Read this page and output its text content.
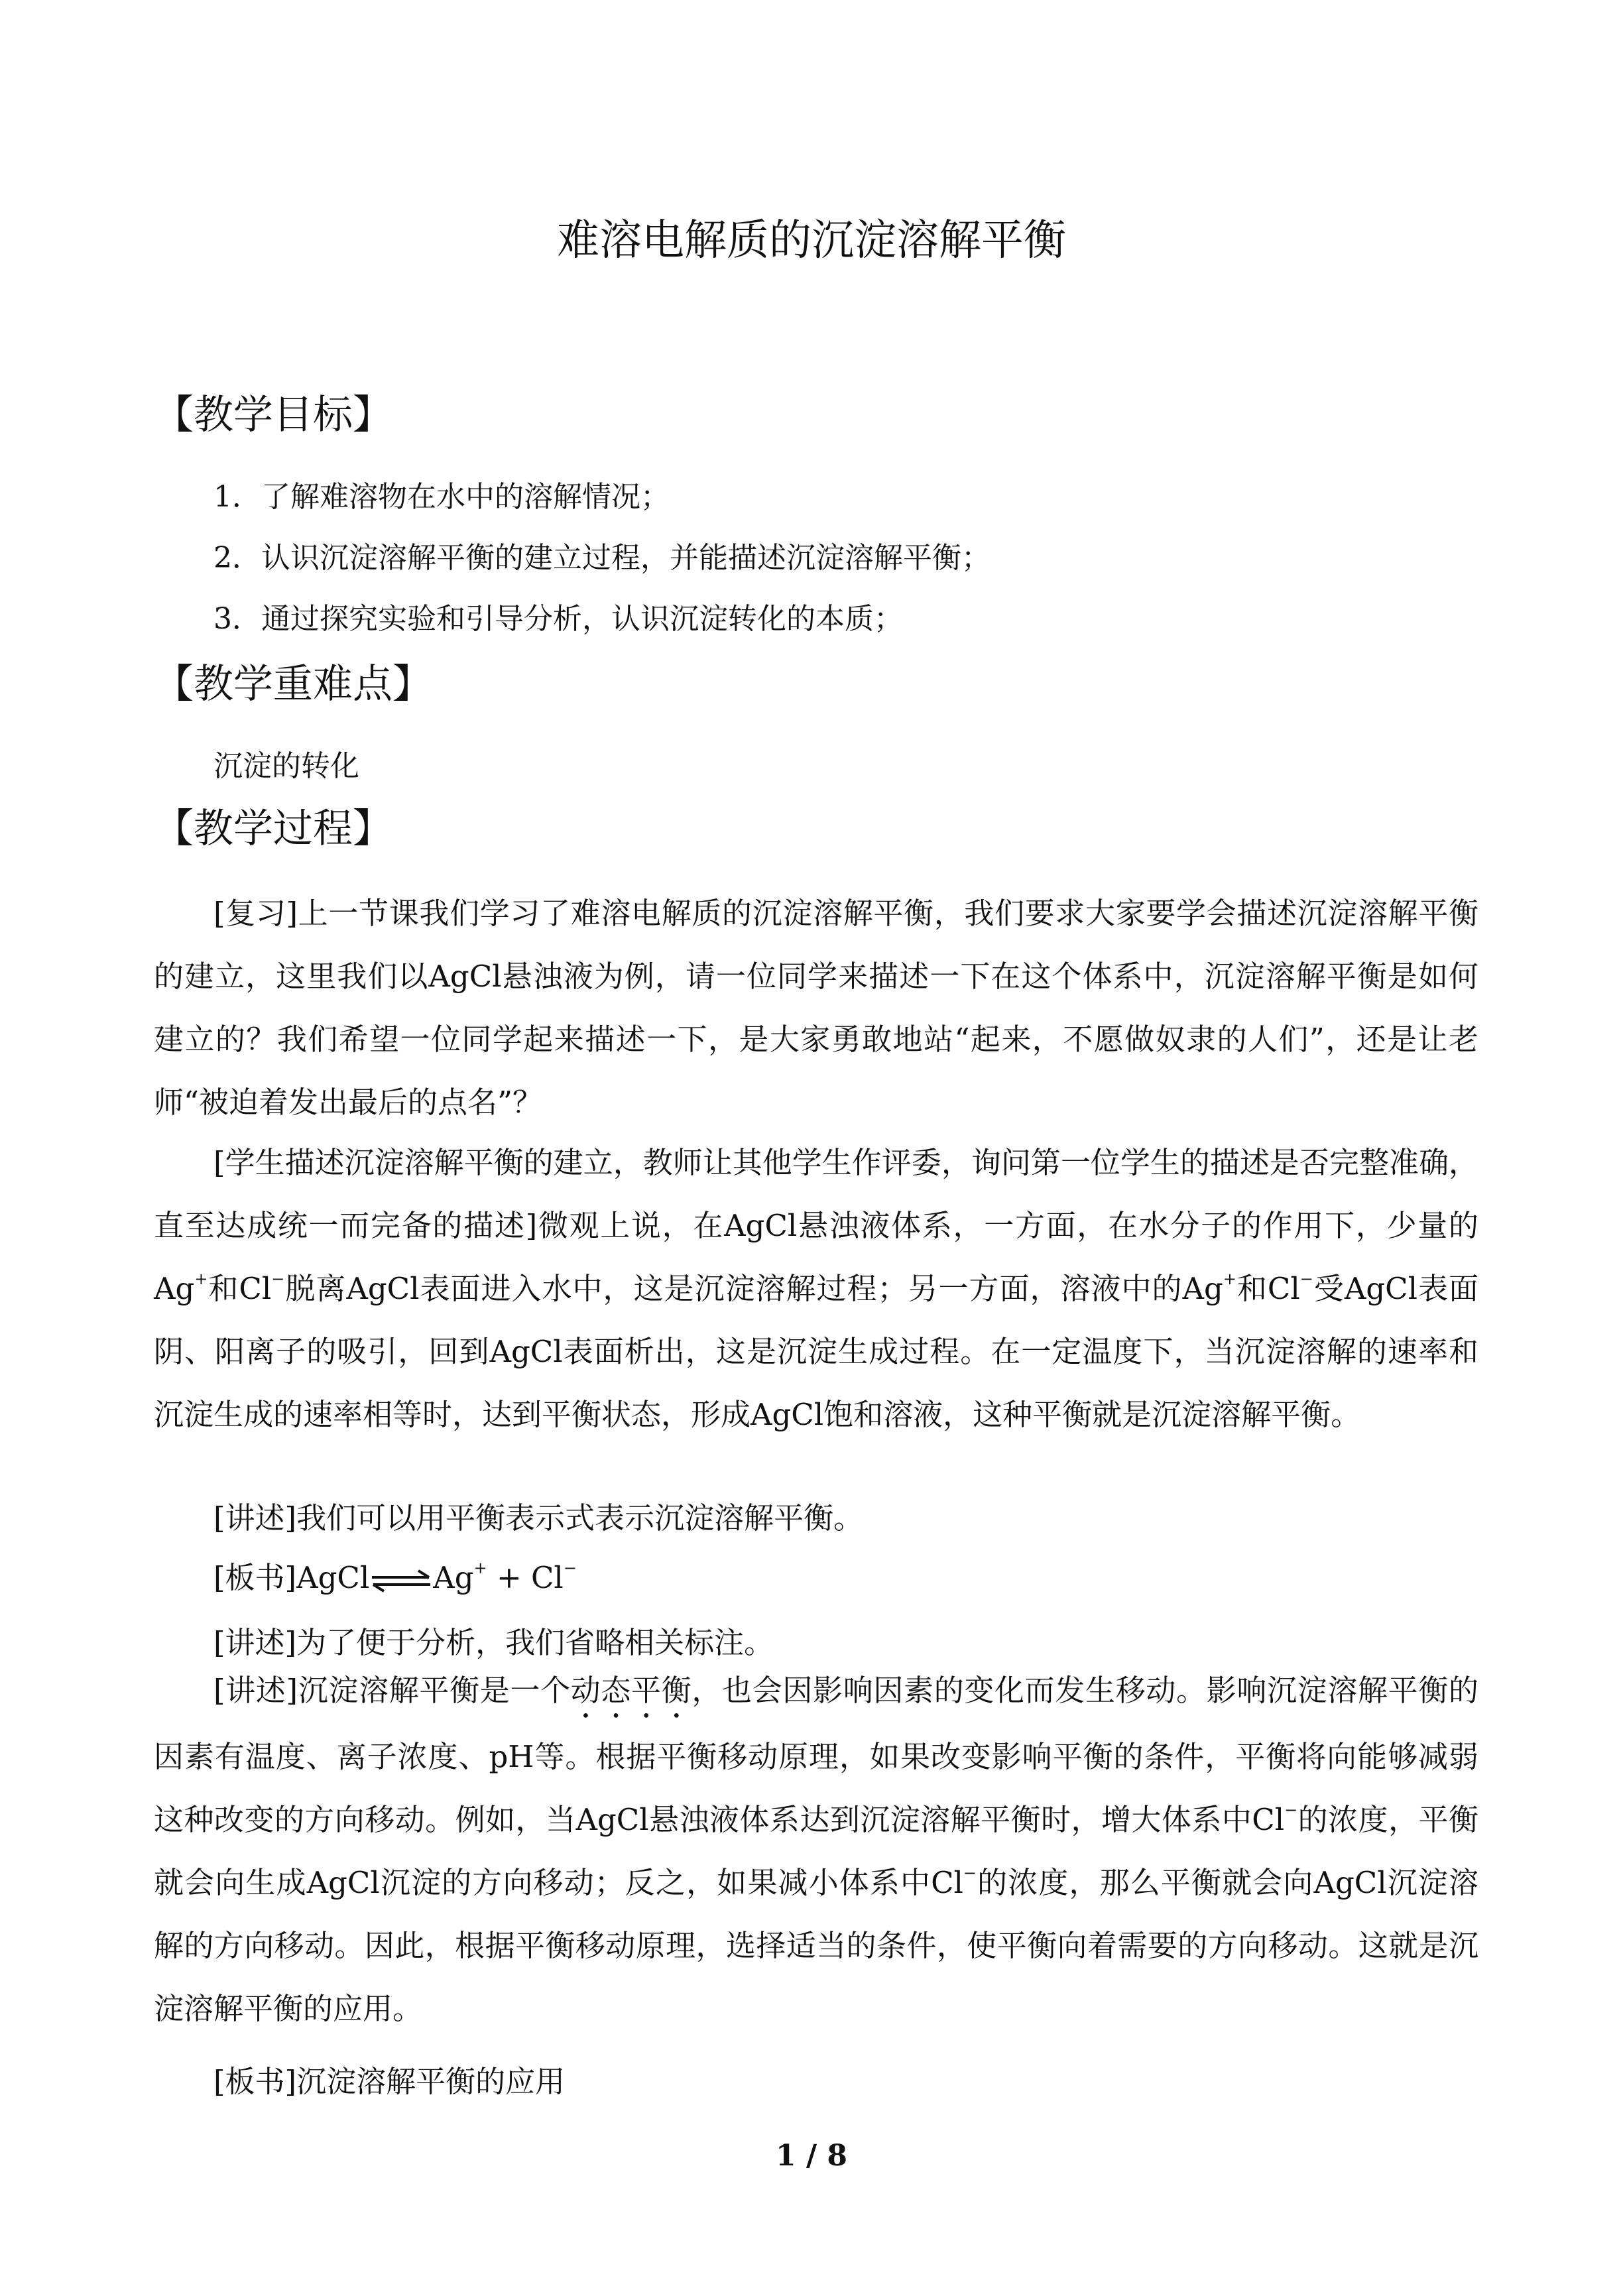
难溶电解质的沉淀溶解平衡
【教学目标】
1．了解难溶物在水中的溶解情况；
2．认识沉淀溶解平衡的建立过程，并能描述沉淀溶解平衡；
3．通过探究实验和引导分析，认识沉淀转化的本质；
【教学重难点】
沉淀的转化
【教学过程】
[复习]上一节课我们学习了难溶电解质的沉淀溶解平衡，我们要求大家要学会描述沉淀溶解平衡的建立，这里我们以AgCl悬浊液为例，请一位同学来描述一下在这个体系中，沉淀溶解平衡是如何建立的？我们希望一位同学起来描述一下，是大家勇敢地站“起来，不愿做奴隶的人们”，还是让老师“被迫着发出最后的点名”？
[学生描述沉淀溶解平衡的建立，教师让其他学生作评委，询问第一位学生的描述是否完整准确，直至达成统一而完备的描述]微观上说，在AgCl悬浊液体系，一方面，在水分子的作用下，少量的Ag+和Cl−脱离AgCl表面进入水中，这是沉淀溶解过程；另一方面，溶液中的Ag+和Cl−受AgCl表面阴、阳离子的吸引，回到AgCl表面析出，这是沉淀生成过程。在一定温度下，当沉淀溶解的速率和沉淀生成的速率相等时，达到平衡状态，形成AgCl饱和溶液，这种平衡就是沉淀溶解平衡。
[讲述]我们可以用平衡表示式表示沉淀溶解平衡。
[板书]AgCl⇌Ag+ + Cl−
[讲述]为了便于分析，我们省略相关标注。
[讲述]沉淀溶解平衡是一个动态平衡，也会因影响因素的变化而发生移动。影响沉淀溶解平衡的因素有温度、离子浓度、pH等。根据平衡移动原理，如果改变影响平衡的条件，平衡将向能够减弱这种改变的方向移动。例如，当AgCl悬浊液体系达到沉淀溶解平衡时，增大体系中Cl−的浓度，平衡就会向生成AgCl沉淀的方向移动；反之，如果减小体系中Cl−的浓度，那么平衡就会向AgCl沉淀溶解的方向移动。因此，根据平衡移动原理，选择适当的条件，使平衡向着需要的方向移动。这就是沉淀溶解平衡的应用。
[板书]沉淀溶解平衡的应用
1 / 8
